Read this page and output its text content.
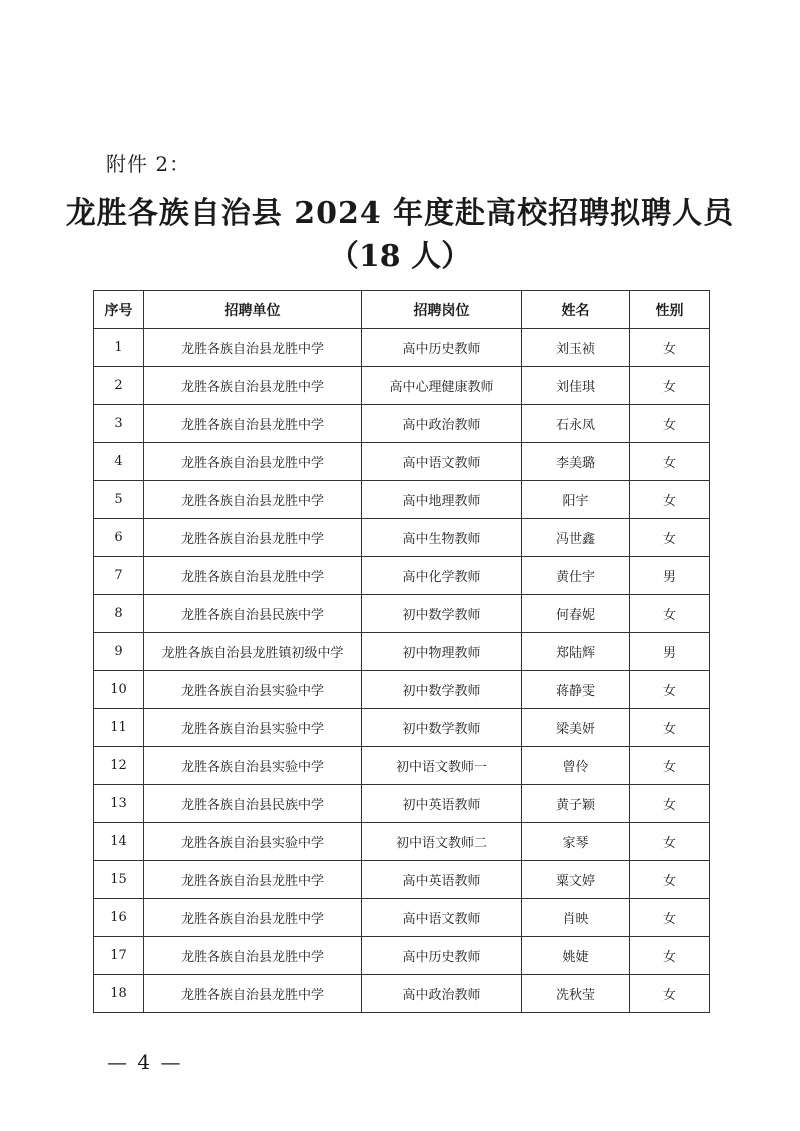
附件 2：
龙胜各族自治县 2024 年度赴高校招聘拟聘人员
（18 人）
序号	招聘单位	招聘岗位	姓名	性别
1	龙胜各族自治县龙胜中学	高中历史教师	刘玉祯	女
2	龙胜各族自治县龙胜中学	高中心理健康教师	刘佳琪	女
3	龙胜各族自治县龙胜中学	高中政治教师	石永凤	女
4	龙胜各族自治县龙胜中学	高中语文教师	李美璐	女
5	龙胜各族自治县龙胜中学	高中地理教师	阳宇	女
6	龙胜各族自治县龙胜中学	高中生物教师	冯世鑫	女
7	龙胜各族自治县龙胜中学	高中化学教师	黄仕宇	男
8	龙胜各族自治县民族中学	初中数学教师	何春妮	女
9	龙胜各族自治县龙胜镇初级中学	初中物理教师	郑陆辉	男
10	龙胜各族自治县实验中学	初中数学教师	蒋静雯	女
11	龙胜各族自治县实验中学	初中数学教师	梁美妍	女
12	龙胜各族自治县实验中学	初中语文教师一	曾伶	女
13	龙胜各族自治县民族中学	初中英语教师	黄子颖	女
14	龙胜各族自治县实验中学	初中语文教师二	家琴	女
15	龙胜各族自治县龙胜中学	高中英语教师	粟文婷	女
16	龙胜各族自治县龙胜中学	高中语文教师	肖映	女
17	龙胜各族自治县龙胜中学	高中历史教师	姚婕	女
18	龙胜各族自治县龙胜中学	高中政治教师	冼秋莹	女
— 4 —
